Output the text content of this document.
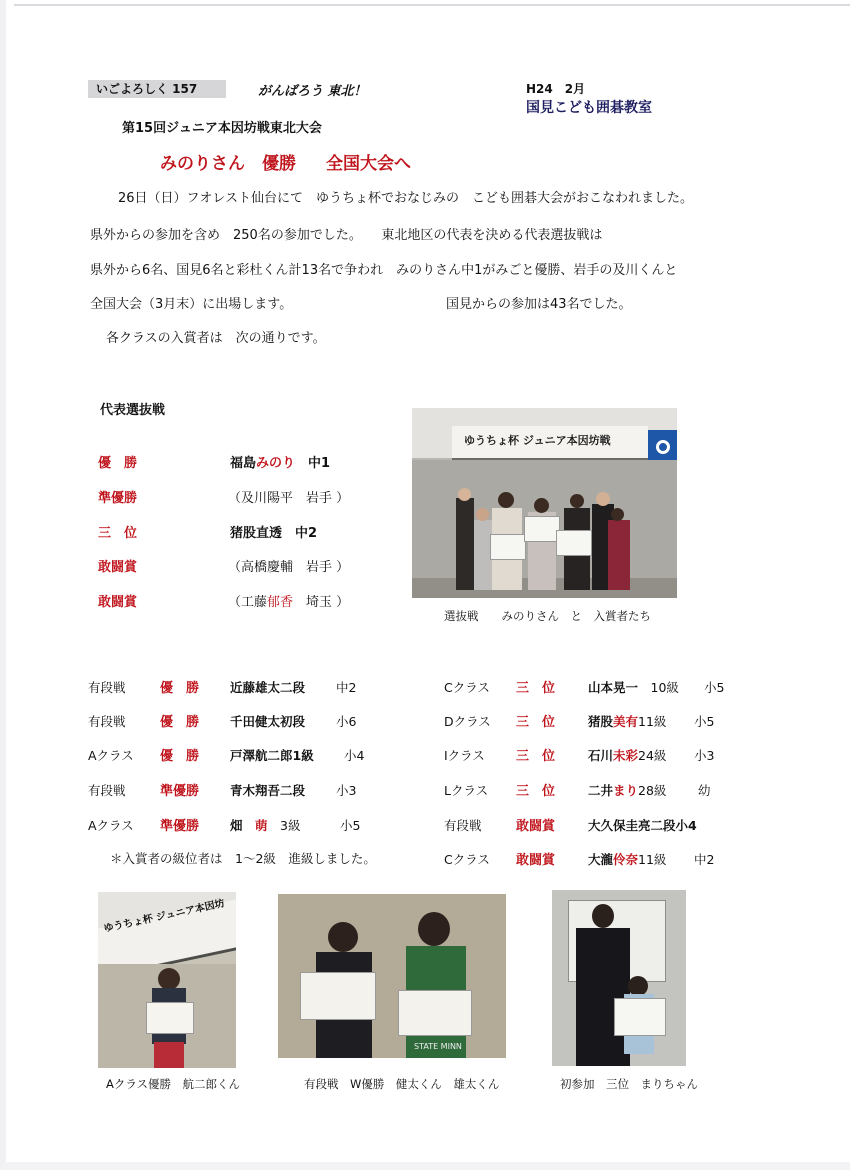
いごよろしく 157	がんばろう 東北！	H24　2月
国見こども囲碁教室
第15回ジュニア本因坊戦東北大会
みのりさん　優勝 全国大会へ
26日（日）フオレスト仙台にて　ゆうちょ杯でおなじみの　こども囲碁大会がおこなわれました。
県外からの参加を含め　250名の参加でした。　　東北地区の代表を決める代表選抜戦は
県外から6名、国見6名と彩杜くん計13名で争われ　みのりさん中1がみごと優勝、岩手の及川くんと
全国大会（3月末）に出場します。	国見からの参加は43名でした。
各クラスの入賞者は　次の通りです。
代表選抜戦
優　勝	福島みのり　中1
準優勝	（及川陽平　岩手 ）
三　位	猪股直透　中2
敢闘賞	（高橋慶輔　岩手 ）
敢闘賞	（工藤郁香　埼玉 ）
ゆうちょ杯 ジュニア本因坊戦
選抜戦　　みのりさん　と　入賞者たち
有段戦	優　勝 近藤雄太二段 中2
有段戦	優　勝 千田健太初段 小6
Aクラス 優　勝 戸澤航二郎1級 小4
有段戦	準優勝 青木翔吾二段 小3
Aクラス 準優勝 畑　萌　3級	小5
Cクラス 三　位	山本晃一　10級 小5
Dクラス 三　位	猪股美有11級 小5
Iクラス 三　位	石川未彩24級 小3
Lクラス 三　位	二井まり28級	幼
有段戦	敢闘賞	大久保圭亮二段小4
Cクラス 敢闘賞	大瀧伶奈11級 中2
＊入賞者の級位者は　1～2級　進級しました。
ゆうちょ杯 ジュニア本因坊
Aクラス優勝　航二郎くん
STATE MINN
有段戦　W優勝　健太くん　雄太くん	初参加　三位　まりちゃん
